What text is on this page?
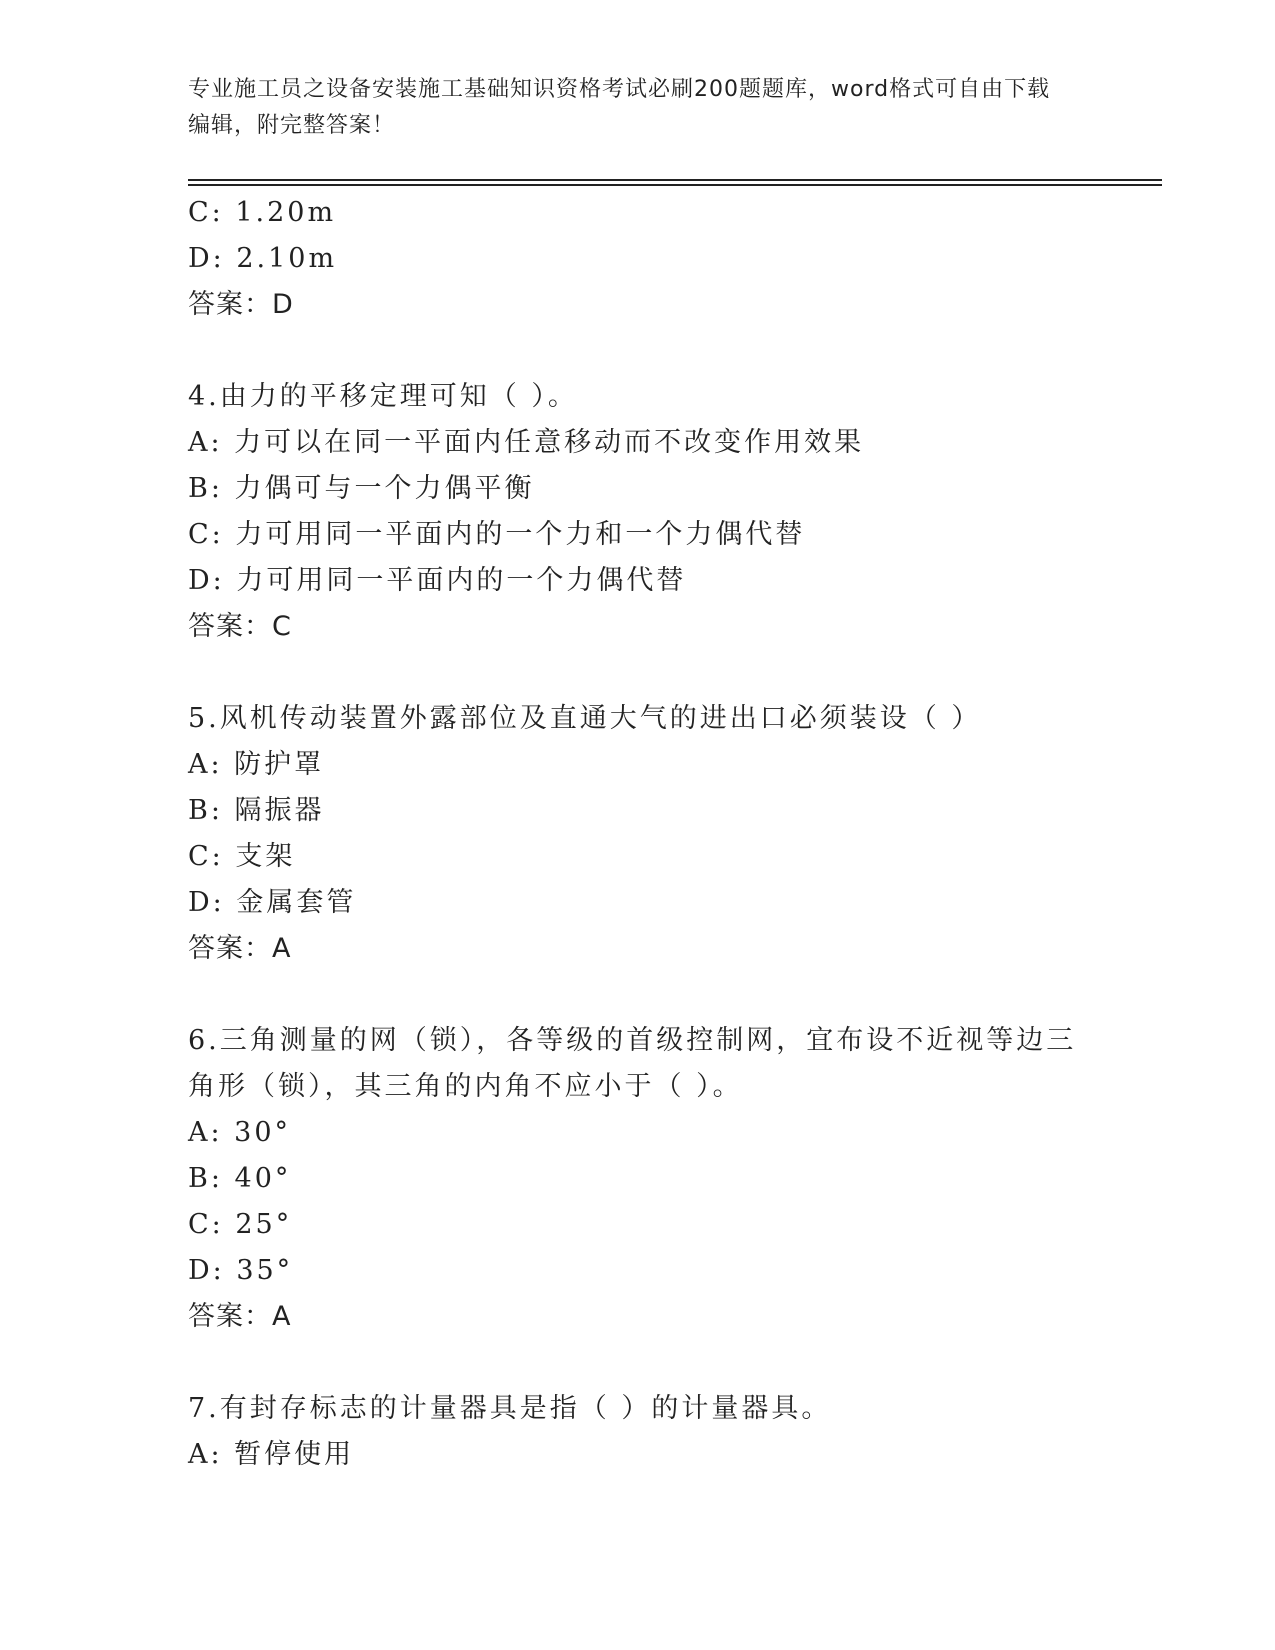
专业施工员之设备安装施工基础知识资格考试必刷200题题库，word格式可自由下载编辑，附完整答案！
C: 1.20m
D: 2.10m
答案：D
4.由力的平移定理可知（ ）。
A: 力可以在同一平面内任意移动而不改变作用效果
B: 力偶可与一个力偶平衡
C: 力可用同一平面内的一个力和一个力偶代替
D: 力可用同一平面内的一个力偶代替
答案：C
5.风机传动装置外露部位及直通大气的进出口必须装设（ ）
A: 防护罩
B: 隔振器
C: 支架
D: 金属套管
答案：A
6.三角测量的网（锁），各等级的首级控制网，宜布设不近视等边三
角形（锁），其三角的内角不应小于（ ）。
A: 30°
B: 40°
C: 25°
D: 35°
答案：A
7.有封存标志的计量器具是指（ ）的计量器具。
A: 暂停使用
